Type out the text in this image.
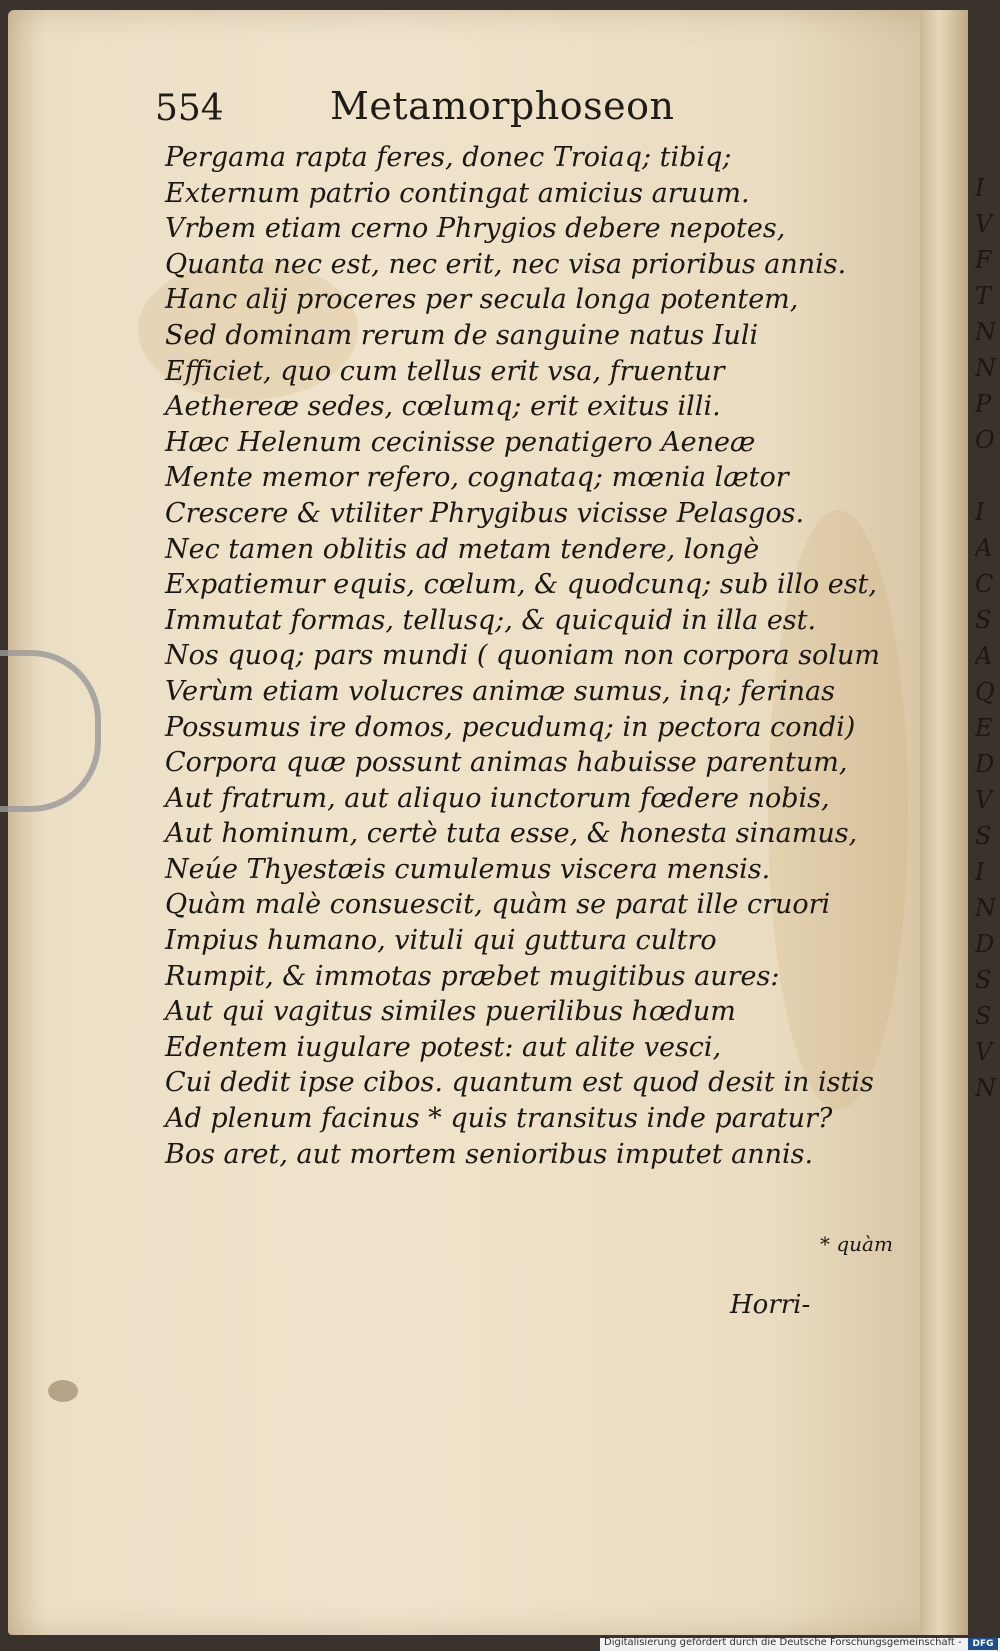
554	Metamorphoseon
Pergama rapta feres, donec Troiaq; tibiq;
Externum patrio contingat amicius aruum.
Vrbem etiam cerno Phrygios debere nepotes,
Quanta nec est, nec erit, nec visa prioribus annis.
Hanc alij proceres per secula longa potentem,
Sed dominam rerum de sanguine natus Iuli
Efficiet, quo cum tellus erit vsa, fruentur
Aethereæ sedes, cœlumq; erit exitus illi.
Hæc Helenum cecinisse penatigero Aeneæ
Mente memor refero, cognataq; mœnia lætor
Crescere & vtiliter Phrygibus vicisse Pelasgos.
Nec tamen oblitis ad metam tendere, longè
Expatiemur equis, cœlum, & quodcunq; sub illo est,
Immutat formas, tellusq;, & quicquid in illa est.
Nos quoq; pars mundi ( quoniam non corpora solum
Verùm etiam volucres animæ sumus, inq; ferinas
Possumus ire domos, pecudumq; in pectora condi)
Corpora quæ possunt animas habuisse parentum,
Aut fratrum, aut aliquo iunctorum fœdere nobis,
Aut hominum, certè tuta esse, & honesta sinamus,
Neúe Thyestæis cumulemus viscera mensis.
Quàm malè consuescit, quàm se parat ille cruori
Impius humano, vituli qui guttura cultro
Rumpit, & immotas præbet mugitibus aures:
Aut qui vagitus similes puerilibus hœdum
Edentem iugulare potest: aut alite vesci,
Cui dedit ipse cibos. quantum est quod desit in istis
Ad plenum facinus * quis transitus inde paratur?
Bos aret, aut mortem senioribus imputet annis.
* quàm
Horri-
I
V
F
T
N
N
P
O
I
A
C
S
A
Q
E
D
V
S
I
N
D
S
S
V
N
Digitalisierung gefördert durch die Deutsche Forschungsgemeinschaft -	DFG
